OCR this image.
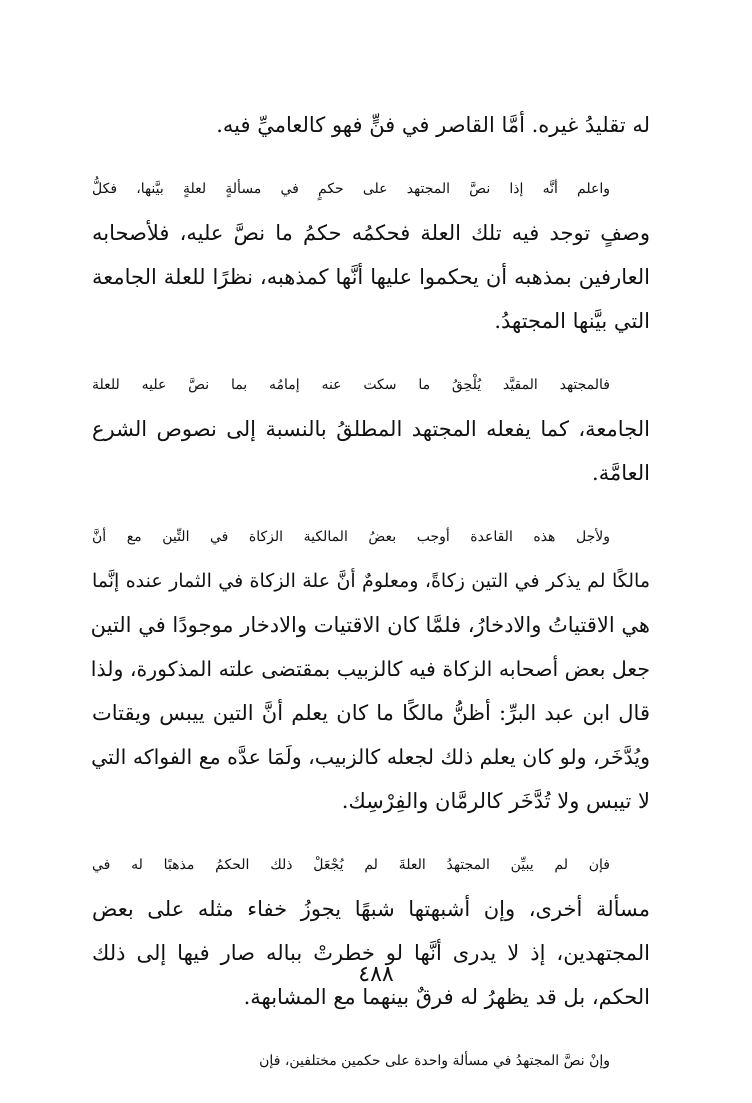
له تقليدُ غيره. أمَّا القاصر في فنٍّ فهو كالعاميِّ فيه.

واعلم أنَّه إذا نصَّ المجتهد على حكمٍ في مسألةٍ لعلةٍ بيَّنها، فكلُّ
وصفٍ توجد فيه تلك العلة فحكمُه حكمُ ما نصَّ عليه، فلأصحابه
العارفين بمذهبه أن يحكموا عليها أنَّها كمذهبه، نظرًا للعلة الجامعة
التي بيَّنها المجتهدُ.

فالمجتهد المقيَّد يُلْحِقُ ما سكت عنه إمامُه بما نصَّ عليه للعلة
الجامعة، كما يفعله المجتهد المطلقُ بالنسبة إلى نصوص الشرع
العامَّة.

ولأجل هذه القاعدة أوجب بعضُ المالكية الزكاة في التِّين مع أنَّ
مالكًا لم يذكر في التين زكاةً، ومعلومٌ أنَّ علة الزكاة في الثمار عنده إنَّما
هي الاقتياتُ والادخارُ، فلمَّا كان الاقتيات والادخار موجودًا في التين
جعل بعض أصحابه الزكاة فيه كالزبيب بمقتضى علته المذكورة، ولذا
قال ابن عبد البرِّ: أظنُّ مالكًا ما كان يعلم أنَّ التين ييبس ويقتات
ويُدَّخَر، ولو كان يعلم ذلك لجعله كالزبيب، ولَمَا عدَّه مع الفواكه التي
لا تيبس ولا تُدَّخَر كالرمَّان والفِرْسِك.

فإن لم يبيِّن المجتهدُ العلةَ لم يُجْعَلْ ذلك الحكمُ مذهبًا له في
مسألة أخرى، وإن أشبهتها شبهًا يجوزُ خفاء مثله على بعض
المجتهدين، إذ لا يدرى أنَّها لو خطرتْ بباله صار فيها إلى ذلك
الحكم، بل قد يظهرُ له فرقٌ بينهما مع المشابهة.

وإنْ نصَّ المجتهدُ في مسألة واحدة على حكمين مختلفين، فإن

٤٨٨
